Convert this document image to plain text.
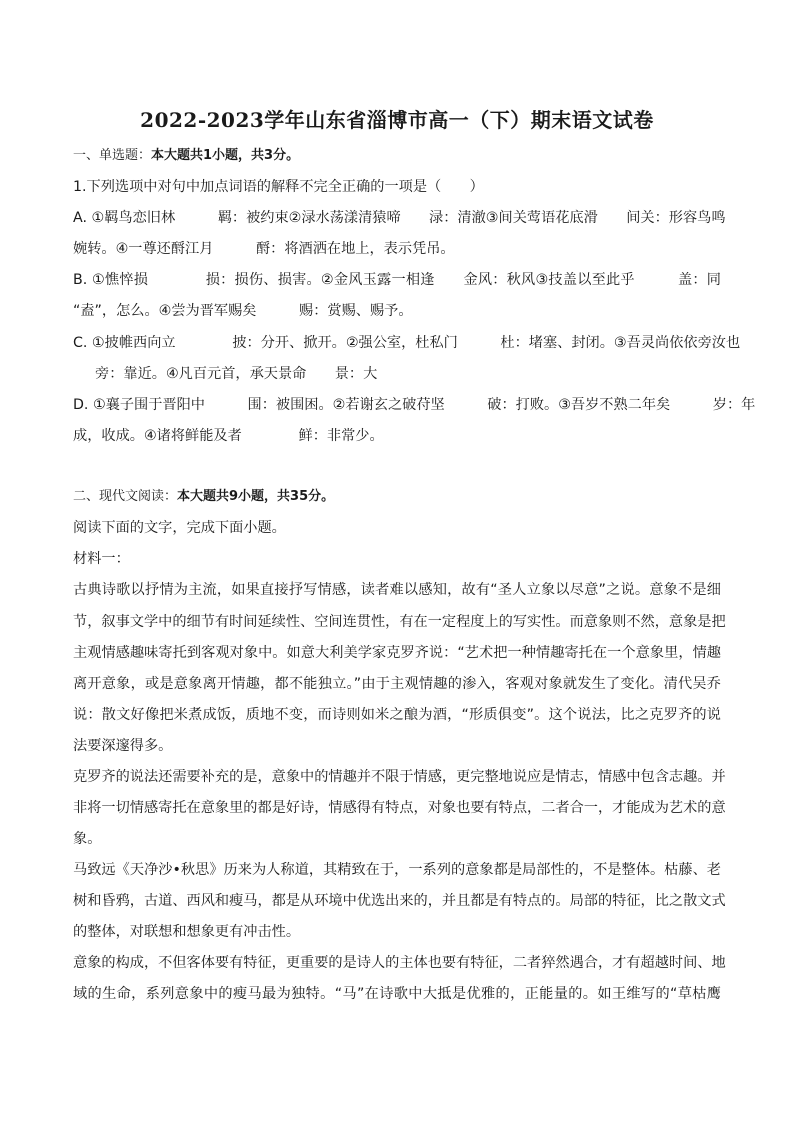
2022-2023学年山东省淄博市高一（下）期末语文试卷
一、单选题：本大题共1小题，共3分。
1.下列选项中对句中加点词语的解释不完全正确的一项是（　　）
A. ①羁鸟恋旧林　　　羁：被约束②渌水荡漾清猿啼　　渌：清澈③间关莺语花底滑　　间关：形容鸟鸣
婉转。④一尊还酹江月　　　酹：将酒洒在地上，表示凭吊。
B. ①憔悴损　　　　损：损伤、损害。②金风玉露一相逢　　金风：秋风③技盖以至此乎　　　盖：同
“盍”，怎么。④尝为晋军赐矣　　　赐：赏赐、赐予。
C. ①披帷西向立　　　　披：分开、掀开。②强公室，杜私门　　　杜：堵塞、封闭。③吾灵尚依依旁汝也
旁：靠近。④凡百元首，承天景命　　景：大
D. ①襄子围于晋阳中　　　围：被围困。②若谢玄之破苻坚　　　破：打败。③吾岁不熟二年矣　　　岁：年
成，收成。④诸将鲜能及者　　　　鲜：非常少。
二、现代文阅读：本大题共9小题，共35分。
阅读下面的文字，完成下面小题。
材料一：
古典诗歌以抒情为主流，如果直接抒写情感，读者难以感知，故有“圣人立象以尽意”之说。意象不是细
节，叙事文学中的细节有时间延续性、空间连贯性，有在一定程度上的写实性。而意象则不然，意象是把
主观情感趣味寄托到客观对象中。如意大利美学家克罗齐说：“艺术把一种情趣寄托在一个意象里，情趣
离开意象，或是意象离开情趣，都不能独立。”由于主观情趣的渗入，客观对象就发生了变化。清代吴乔
说：散文好像把米煮成饭，质地不变，而诗则如米之酿为酒，“形质俱变”。这个说法，比之克罗齐的说
法要深邃得多。
克罗齐的说法还需要补充的是，意象中的情趣并不限于情感，更完整地说应是情志，情感中包含志趣。并
非将一切情感寄托在意象里的都是好诗，情感得有特点，对象也要有特点，二者合一，才能成为艺术的意
象。
马致远《天净沙•秋思》历来为人称道，其精致在于，一系列的意象都是局部性的，不是整体。枯藤、老
树和昏鸦，古道、西风和瘦马，都是从环境中优选出来的，并且都是有特点的。局部的特征，比之散文式
的整体，对联想和想象更有冲击性。
意象的构成，不但客体要有特征，更重要的是诗人的主体也要有特征，二者猝然遇合，才有超越时间、地
域的生命，系列意象中的瘦马最为独特。“马”在诗歌中大抵是优雅的，正能量的。如王维写的“草枯鹰
